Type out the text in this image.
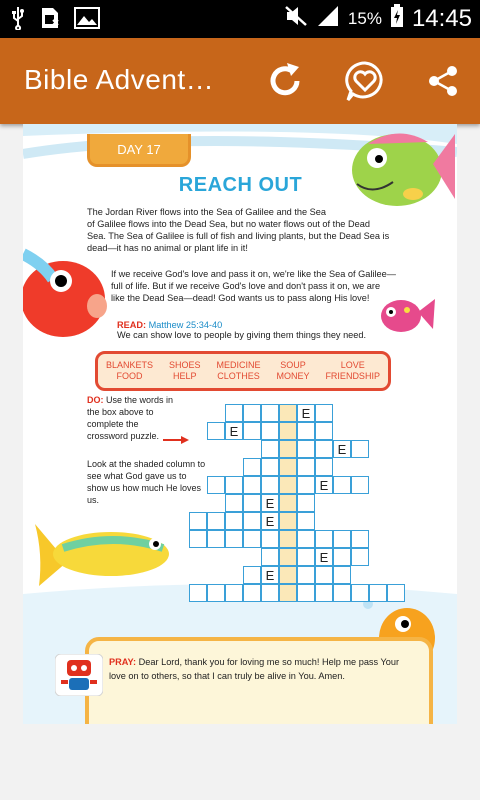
15% 14:45
Bible Advent…
DAY 17
REACH OUT
The Jordan River flows into the Sea of Galilee and the Sea
of Galilee flows into the Dead Sea, but no water flows out of the Dead
Sea. The Sea of Galilee is full of fish and living plants, but the Dead Sea is
dead—it has no animal or plant life in it!
If we receive God's love and pass it on, we're like the Sea of Galilee—
full of life. But if we receive God's love and don't pass it on, we are
like the Dead Sea—dead! God wants us to pass along His love!
READ: Matthew 25:34-40
We can show love to people by giving them things they need.
BLANKETS
FOOD
SHOES
HELP
MEDICINE
CLOTHES
SOUP
MONEY
LOVE
FRIENDSHIP
DO: Use the words in the box above to complete the crossword puzzle.
Look at the shaded column to see what God gave us to show us how much He loves us.
E
E
E
E
E
E
E
E
PRAY: Dear Lord, thank you for loving me so much! Help me pass Your love on to others, so that I can truly be alive in You. Amen.
